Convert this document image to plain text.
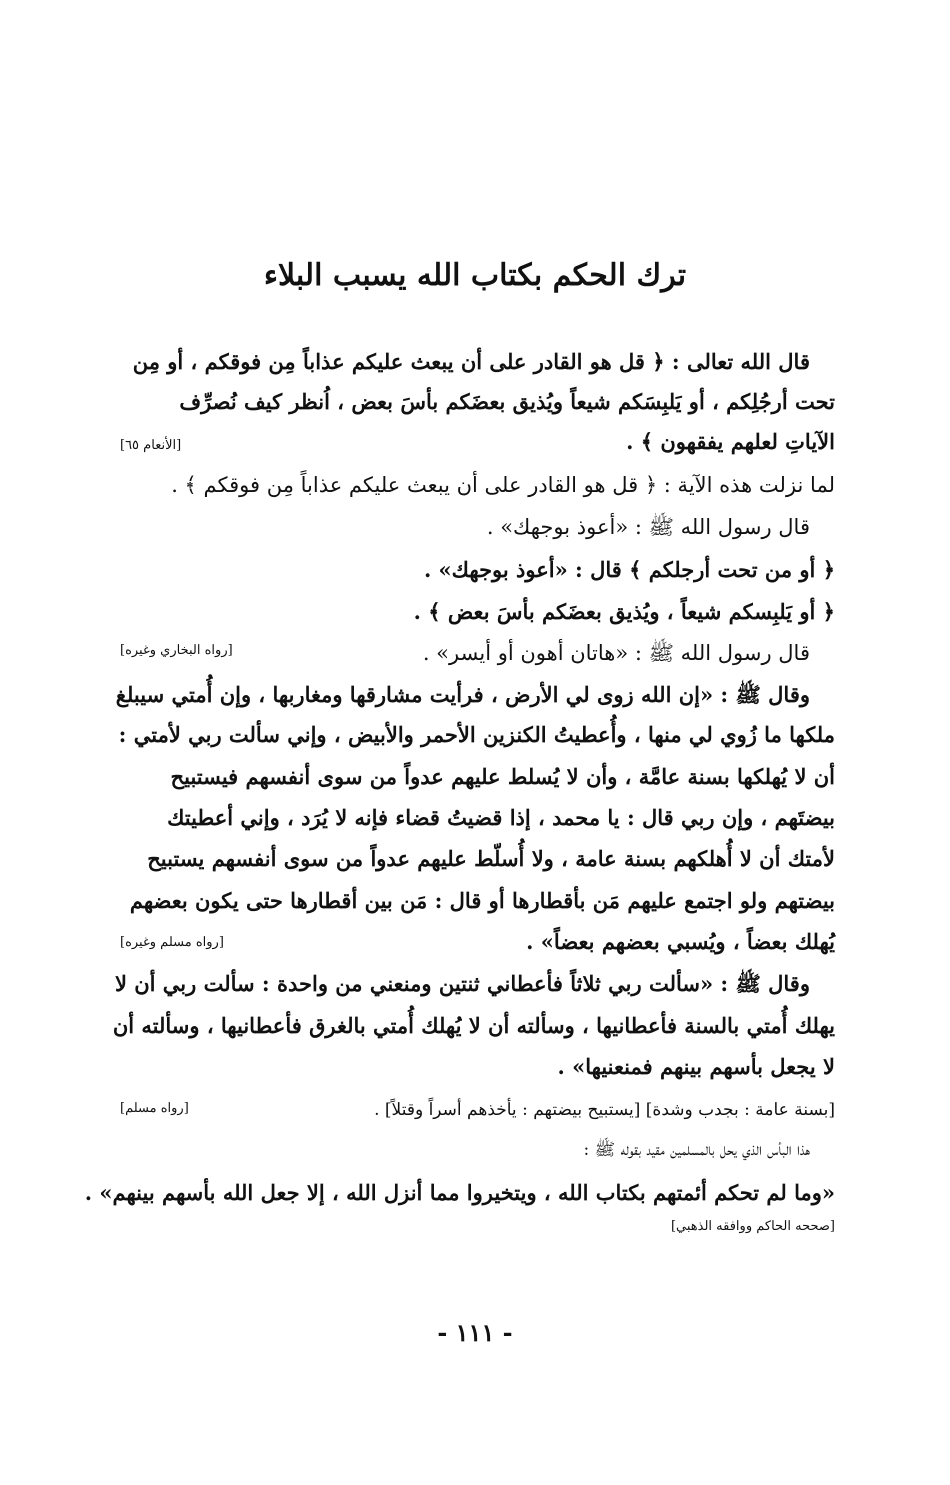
ترك الحكم بكتاب الله يسبب البلاء
قال الله تعالى : ﴿ قل هو القادر على أن يبعث عليكم عذاباً مِن فوقكم ، أو مِن
تحت أرجُلِكم ، أو يَلبِسَكم شيعاً ويُذيق بعضَكم بأسَ بعض ، اُنظر كيف نُصرِّف
الآياتِ لعلهم يفقهون ﴾ .
[الأنعام ٦٥]
لما نزلت هذه الآية : ﴿ قل هو القادر على أن يبعث عليكم عذاباً مِن فوقكم ﴾ .
قال رسول الله ﷺ : «أعوذ بوجهك» .
﴿ أو من تحت أرجلكم ﴾ قال : «أعوذ بوجهك» .
﴿ أو يَلبِسكم شيعاً ، ويُذيق بعضَكم بأسَ بعض ﴾ .
قال رسول الله ﷺ : «هاتان أهون أو أيسر» .
[رواه البخاري وغيره]
وقال ﷺ : «إن الله زوى لي الأرض ، فرأيت مشارقها ومغاربها ، وإن أُمتي سيبلغ
ملكها ما زُوي لي منها ، وأُعطيتُ الكنزين الأحمر والأبيض ، وإني سألت ربي لأمتي :
أن لا يُهلكها بسنة عامَّة ، وأن لا يُسلط عليهم عدواً من سوى أنفسهم فيستبيح
بيضتَهم ، وإن ربي قال : يا محمد ، إذا قضيتُ قضاء فإنه لا يُرَد ، وإني أعطيتك
لأمتك أن لا أُهلكهم بسنة عامة ، ولا أُسلّط عليهم عدواً من سوى أنفسهم يستبيح
بيضتهم ولو اجتمع عليهم مَن بأقطارها أو قال : مَن بين أقطارها حتى يكون بعضهم
يُهلك بعضاً ، ويُسبي بعضهم بعضاً» .
[رواه مسلم وغيره]
وقال ﷺ : «سألت ربي ثلاثاً فأعطاني ثنتين ومنعني من واحدة : سألت ربي أن لا
يهلك أُمتي بالسنة فأعطانيها ، وسألته أن لا يُهلك أُمتي بالغرق فأعطانيها ، وسألته أن
لا يجعل بأسهم بينهم فمنعنيها» .
[بسنة عامة : بجدب وشدة] [يستبيح بيضتهم : يأخذهم أسراً وقتلاً] .
[رواه مسلم]
هذا البأس الذي يحل بالمسلمين مقيد بقوله ﷺ :
«وما لم تحكم أئمتهم بكتاب الله ، ويتخيروا مما أنزل الله ، إلا جعل الله بأسهم بينهم» .
[صححه الحاكم ووافقه الذهبي]
- ١١١ -
